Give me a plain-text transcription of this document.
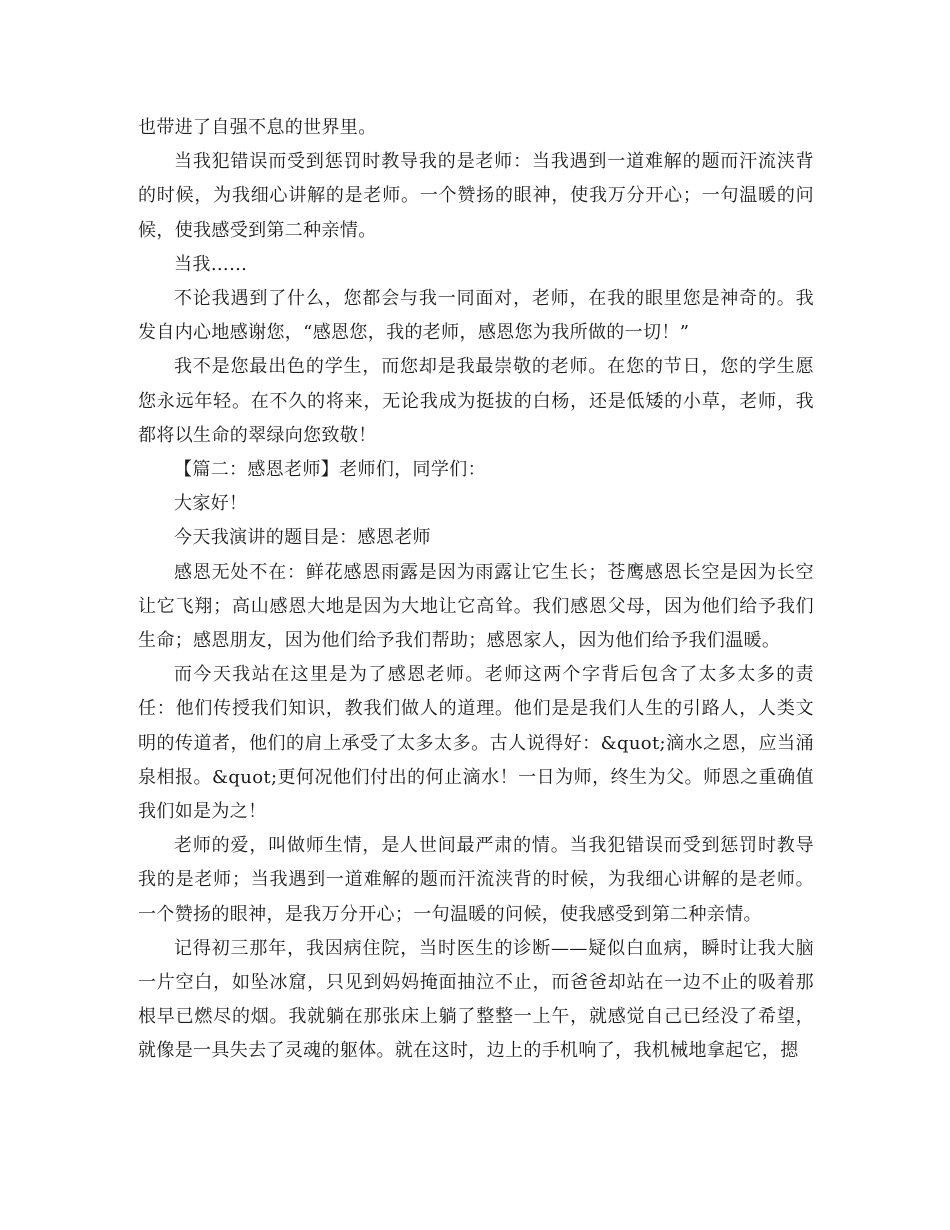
也带进了自强不息的世界里。

当我犯错误而受到惩罚时教导我的是老师：当我遇到一道难解的题而汗流浃背的时候，为我细心讲解的是老师。一个赞扬的眼神，使我万分开心；一句温暖的问候，使我感受到第二种亲情。

当我……

不论我遇到了什么，您都会与我一同面对，老师，在我的眼里您是神奇的。我发自内心地感谢您，“感恩您，我的老师，感恩您为我所做的一切！”

我不是您最出色的学生，而您却是我最崇敬的老师。在您的节日，您的学生愿您永远年轻。在不久的将来，无论我成为挺拔的白杨，还是低矮的小草，老师，我都将以生命的翠绿向您致敬！

【篇二：感恩老师】老师们，同学们：

大家好！

今天我演讲的题目是：感恩老师

感恩无处不在：鲜花感恩雨露是因为雨露让它生长；苍鹰感恩长空是因为长空让它飞翔；高山感恩大地是因为大地让它高耸。我们感恩父母，因为他们给予我们生命；感恩朋友，因为他们给予我们帮助；感恩家人，因为他们给予我们温暖。

而今天我站在这里是为了感恩老师。老师这两个字背后包含了太多太多的责任：他们传授我们知识，教我们做人的道理。他们是是我们人生的引路人，人类文明的传道者，他们的肩上承受了太多太多。古人说得好：&quot;滴水之恩，应当涌泉相报。&quot;更何况他们付出的何止滴水！一日为师，终生为父。师恩之重确值我们如是为之！

老师的爱，叫做师生情，是人世间最严肃的情。当我犯错误而受到惩罚时教导我的是老师；当我遇到一道难解的题而汗流浃背的时候，为我细心讲解的是老师。一个赞扬的眼神，是我万分开心；一句温暖的问候，使我感受到第二种亲情。

记得初三那年，我因病住院，当时医生的诊断——疑似白血病，瞬时让我大脑一片空白，如坠冰窟，只见到妈妈掩面抽泣不止，而爸爸却站在一边不止的吸着那根早已燃尽的烟。我就躺在那张床上躺了整整一上午，就感觉自己已经没了希望，就像是一具失去了灵魂的躯体。就在这时，边上的手机响了，我机械地拿起它，摁
